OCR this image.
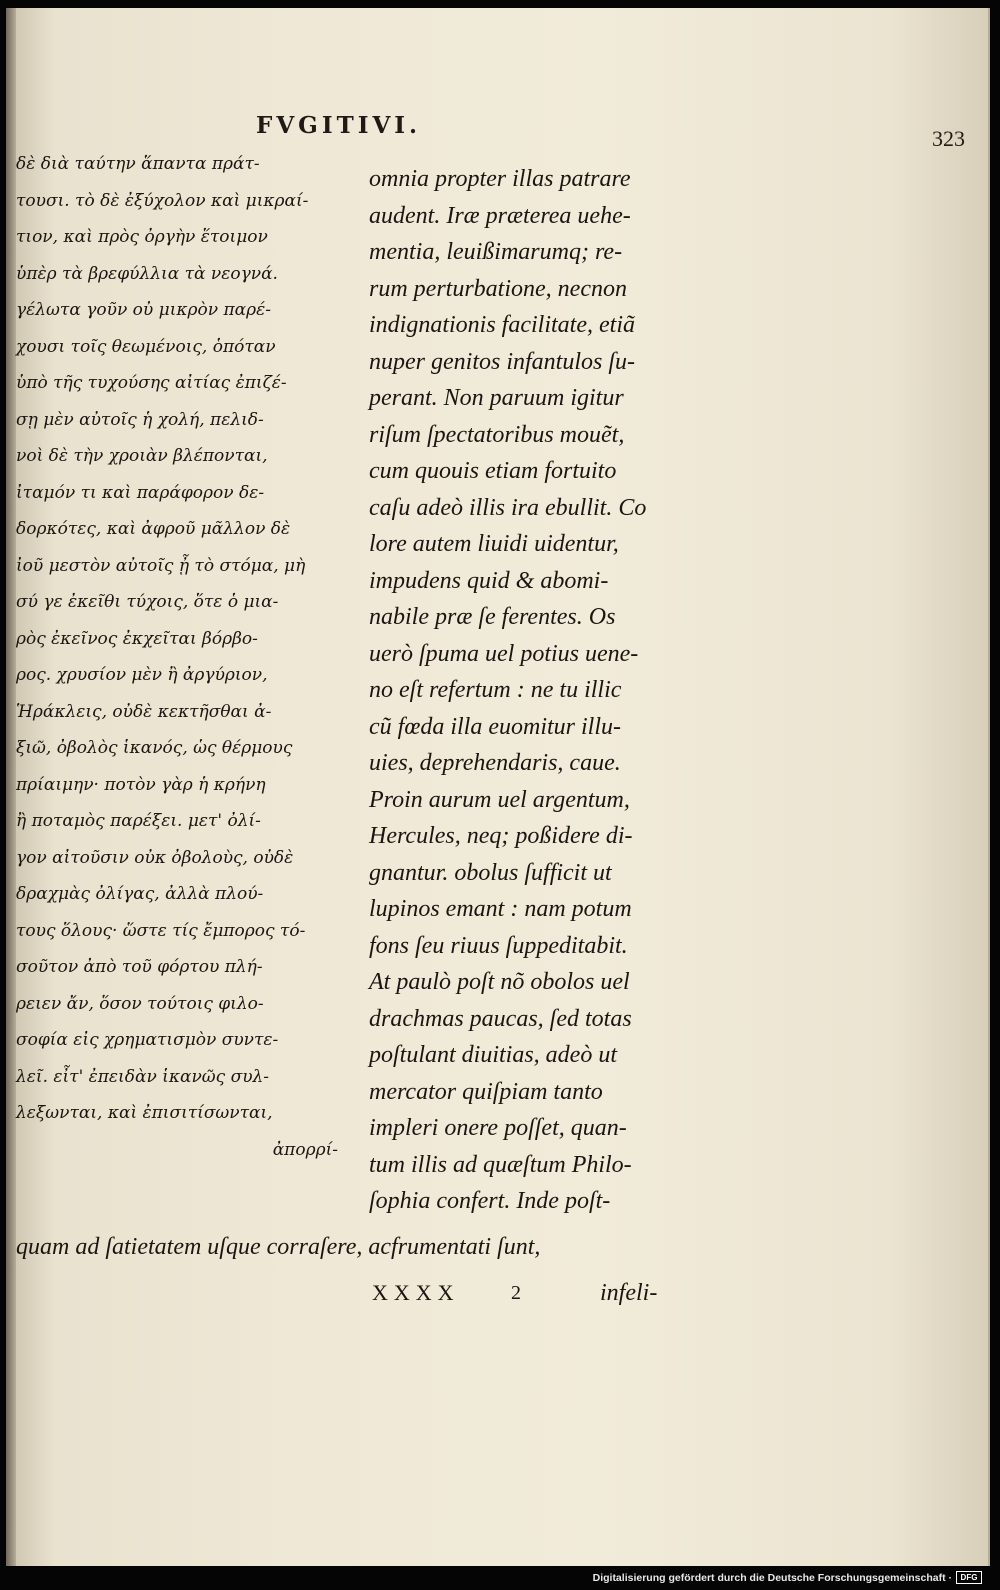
FVGITIVI.	323
δὲ διὰ ταύτην ἅπαντα πράτ-
τουσι. τὸ δὲ ἐξύχολον καὶ μικραί-
τιον, καὶ πρὸς ὀργὴν ἕτοιμον
ὑπὲρ τὰ βρεφύλλια τὰ νεογνά.
γέλωτα γοῦν οὐ μικρὸν παρέ-
χουσι τοῖς θεωμένοις, ὁπόταν
ὑπὸ τῆς τυχούσης αἰτίας ἐπιζέ-
σῃ μὲν αὐτοῖς ἡ χολή, πελιδ-
νοὶ δὲ τὴν χροιὰν βλέπονται,
ἰταμόν τι καὶ παράφορον δε-
δορκότες, καὶ ἀφροῦ μᾶλλον δὲ
ἰοῦ μεστὸν αὐτοῖς ᾖ τὸ στόμα, μὴ
σύ γε ἐκεῖθι τύχοις, ὅτε ὁ μια-
ρὸς ἐκεῖνος ἐκχεῖται βόρβο-
ρος. χρυσίον μὲν ἢ ἀργύριον,
Ἡράκλεις, οὐδὲ κεκτῆσθαι ἀ-
ξιῶ, ὀβολὸς ἱκανός, ὡς θέρμους
πρίαιμην· ποτὸν γὰρ ἡ κρήνη
ἢ ποταμὸς παρέξει. μετ' ὀλί-
γον αἰτοῦσιν οὐκ ὀβολοὺς, οὐδὲ
δραχμὰς ὀλίγας, ἀλλὰ πλού-
τους ὅλους· ὥστε τίς ἔμπορος τό-
σοῦτον ἀπὸ τοῦ φόρτου πλή-
ρειεν ἄν, ὅσον τούτοις φιλο-
σοφία εἰς χρηματισμὸν συντε-
λεῖ. εἶτ' ἐπειδὰν ἱκανῶς συλ-
λεξωνται, καὶ ἐπισιτίσωνται,
ἀπορρί-
omnia propter illas patrare
audent. Iræ præterea uehe-
mentia, leuißimarumq; re-
rum perturbatione, necnon
indignationis facilitate, etiã
nuper genitos infantulos ſu-
perant. Non paruum igitur
riſum ſpectatoribus mouẽt,
cum quouis etiam fortuito
caſu adeò illis ira ebullit. Co
lore autem liuidi uidentur,
impudens quid & abomi-
nabile præ ſe ferentes. Os
uerò ſpuma uel potius uene-
no eſt refertum : ne tu illic
cũ fœda illa euomitur illu-
uies, deprehendaris, caue.
Proin aurum uel argentum,
Hercules, neq; poßidere di-
gnantur. obolus ſufficit ut
lupinos emant : nam potum
fons ſeu riuus ſuppeditabit.
At paulò poſt nõ obolos uel
drachmas paucas, ſed totas
poſtulant diuitias, adeò ut
mercator quiſpiam tanto
impleri onere poſſet, quan-
tum illis ad quæſtum Philo-
ſophia confert. Inde poſt-
quam ad ſatietatem uſque corraſere, acfrumentati ſunt,
XXXX	2	infeli-
Digitalisierung gefördert durch die Deutsche Forschungsgemeinschaft ·	DFG
